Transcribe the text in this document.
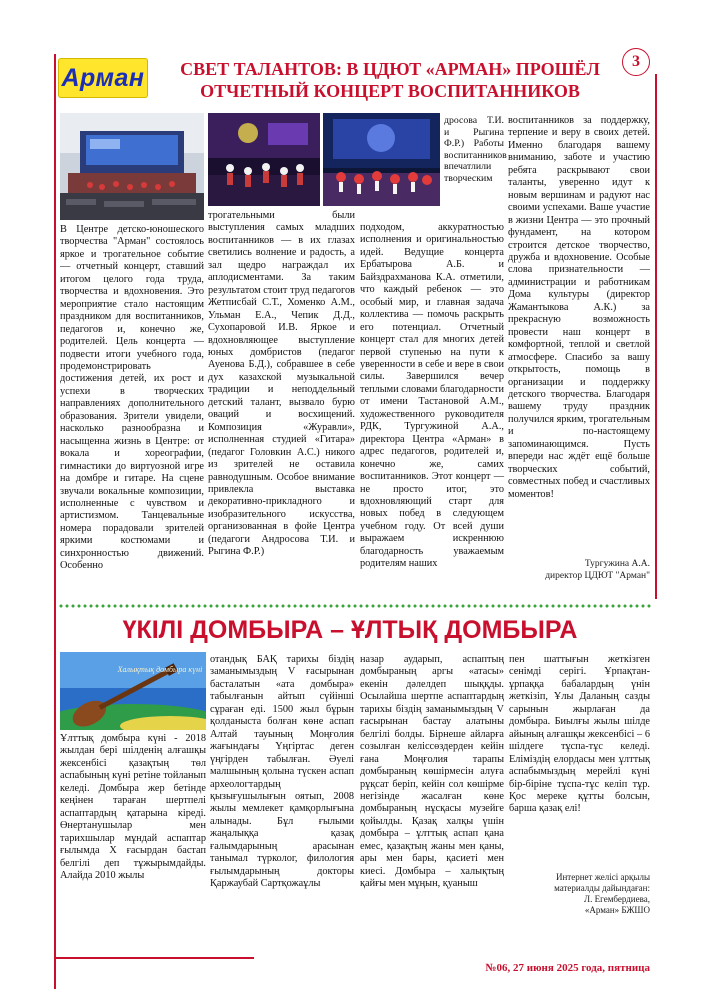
Арман
3
СВЕТ ТАЛАНТОВ: В ЦДЮТ «АРМАН» ПРОШЁЛ
ОТЧЕТНЫЙ КОНЦЕРТ ВОСПИТАННИКОВ
В Центре детско-юношеского творчества "Арман" состоялось яркое и трогательное событие — отчетный концерт, ставший итогом целого года труда, творчества и вдохновения. Это мероприятие стало настоящим праздником для воспитанников, педагогов и, конечно же, родителей. Цель концерта — подвести итоги учебного года, продемонстрировать достижения детей, их рост и успехи в творческих направлениях дополнительного образования. Зрители увидели, насколько разнообразна и насыщенна жизнь в Центре: от вокала и хореографии, гимнастики до виртуозной игре на домбре и гитаре. На сцене звучали вокальные композиции, исполненные с чувством и артистизмом. Танцевальные номера порадовали зрителей яркими костюмами и синхронностью движений. Особенно
трогательными были выступления самых младших воспитанников — в их глазах светились волнение и радость, а зал щедро награждал их аплодисментами. За таким результатом стоит труд педагогов Жетписбай С.Т., Хоменко А.М., Ульман Е.А., Чепик Д.Д., Сухопаровой И.В. Яркое и вдохновляющее выступление юных домбристов (педагог Ауенова Б.Д.), собравшее в себе дух казахской музыкальной традиции и неподдельный детский талант, вызвало бурю оваций и восхищений. Композиция «Журавли», исполненная студией «Гитара» (педагог Головкин А.С.) никого из зрителей не оставила равнодушным. Особое внимание привлекла выставка декоративно-прикладного и изобразительного искусства, организованная в фойе Центра (педагоги Андросова Т.И. и Рыгина Ф.Р.)
дросова Т.И. и Рыгина Ф.Р.) Работы воспитанников впечатлили творческим
подходом, аккуратностью исполнения и оригинальностью идей. Ведущие концерта Ербатырова А.Б. и Байздрахманова К.А. отметили, что каждый ребенок — это особый мир, и главная задача коллектива — помочь раскрыть его потенциал. Отчетный концерт стал для многих детей первой ступенью на пути к уверенности в себе и вере в свои силы. Завершился вечер теплыми словами благодарности от имени Тастановой А.М., художественного руководителя РДК, Тургужиной А.А., директора Центра «Арман» в адрес педагогов, родителей и, конечно же, самих воспитанников. Этот концерт — не просто итог, это вдохновляющий старт для новых побед в следующем учебном году. От всей души выражаем искреннюю благодарность уважаемым родителям наших
воспитанников за поддержку, терпение и веру в своих детей. Именно благодаря вашему вниманию, заботе и участию ребята раскрывают свои таланты, уверенно идут к новым вершинам и радуют нас своими успехами. Ваше участие в жизни Центра — это прочный фундамент, на котором строится детское творчество, дружба и вдохновение. Особые слова признательности — администрации и работникам Дома культуры (директор Жамантыкова А.К.) за прекрасную возможность провести наш концерт в комфортной, теплой и светлой атмосфере. Спасибо за вашу открытость, помощь в организации и поддержку детского творчества. Благодаря вашему труду праздник получился ярким, трогательным и по-настоящему запоминающимся. Пусть впереди нас ждёт ещё больше творческих событий, совместных побед и счастливых моментов!
Тургужина А.А.
директор ЦДЮТ "Арман"
ҮКІЛІ ДОМБЫРА – ҰЛТЫҚ ДОМБЫРА
Халықтық домбыра күні
Ұлттық домбыра күні - 2018 жылдан бері шілденің алғашқы жексенбісі қазақтың төл аспабының күні ретіне тойланып келеді. Домбыра жер бетінде кеңінен тараған шертпелі аспаптардың қатарына кіреді. Өнертанушылар мен тарихшылар мұндай аспаптар ғылымда X ғасырдан бастап белгілі деп тұжырымдайды. Алайда 2010 жылы
отандық БАҚ тарихы біздің заманымыздың V ғасырынан басталатын «ата домбыра» табылғанын айтып сүйінші сұраған еді. 1500 жыл бұрын қолданыста болған көне аспап Алтай тауының Моңғолия жағындағы Үңгіртас деген үңгірден табылған. Әуелі малшының қолына түскен аспап археологтардың қызығушылығын оятып, 2008 жылы мемлекет қамқорлығына алынады. Бұл ғылыми жаңалыққа қазақ ғалымдарының арасынан танымал түрколог, филология ғылымдарының докторы Қаржаубай Сартқожаұлы
назар аударып, аспаптың домбыраның аргы «атасы» екенін дәлелдеп шыққды. Осылайша шертпе аспаптардың тарихы біздің заманымыздың V ғасырынан бастау алатыны белгілі болды. Бірнеше айларға созылған келіссөздерден кейін ғана Моңғолия тарапы домбыраның көшірмесін алуға рұқсат беріп, кейін сол көшірме негізінде жасалған көне домбыраның нұсқасы музейге қойылды. Қазақ халқы үшін домбыра – ұлттық аспап қана емес, қазақтың жаны мен қаны, ары мен бары, қасиеті мен киесі. Домбыра – халықтың қайғы мен мұңын, қуаныш
пен шаттығын жеткізген сенімді серігі. Ұрпақтан-ұрпаққа бабалардың үнін жеткізіп, Ұлы Даланың сазды сарынын жырлаған да домбыра. Биылғы жылы шілде айының алғашқы жексенбісі – 6 шілдеге тұспа-тұс келеді. Еліміздің елордасы мен ұлттық аспабымыздың мерейлі күні бір-біріне тұспа-тұс келіп тұр. Қос мереке құтты болсын, барша қазақ елі!
Интернет желісі арқылы
материалды дайындаған:
Л. Егембердиева,
«Арман» БЖШО
№06, 27 июня 2025 года, пятница
